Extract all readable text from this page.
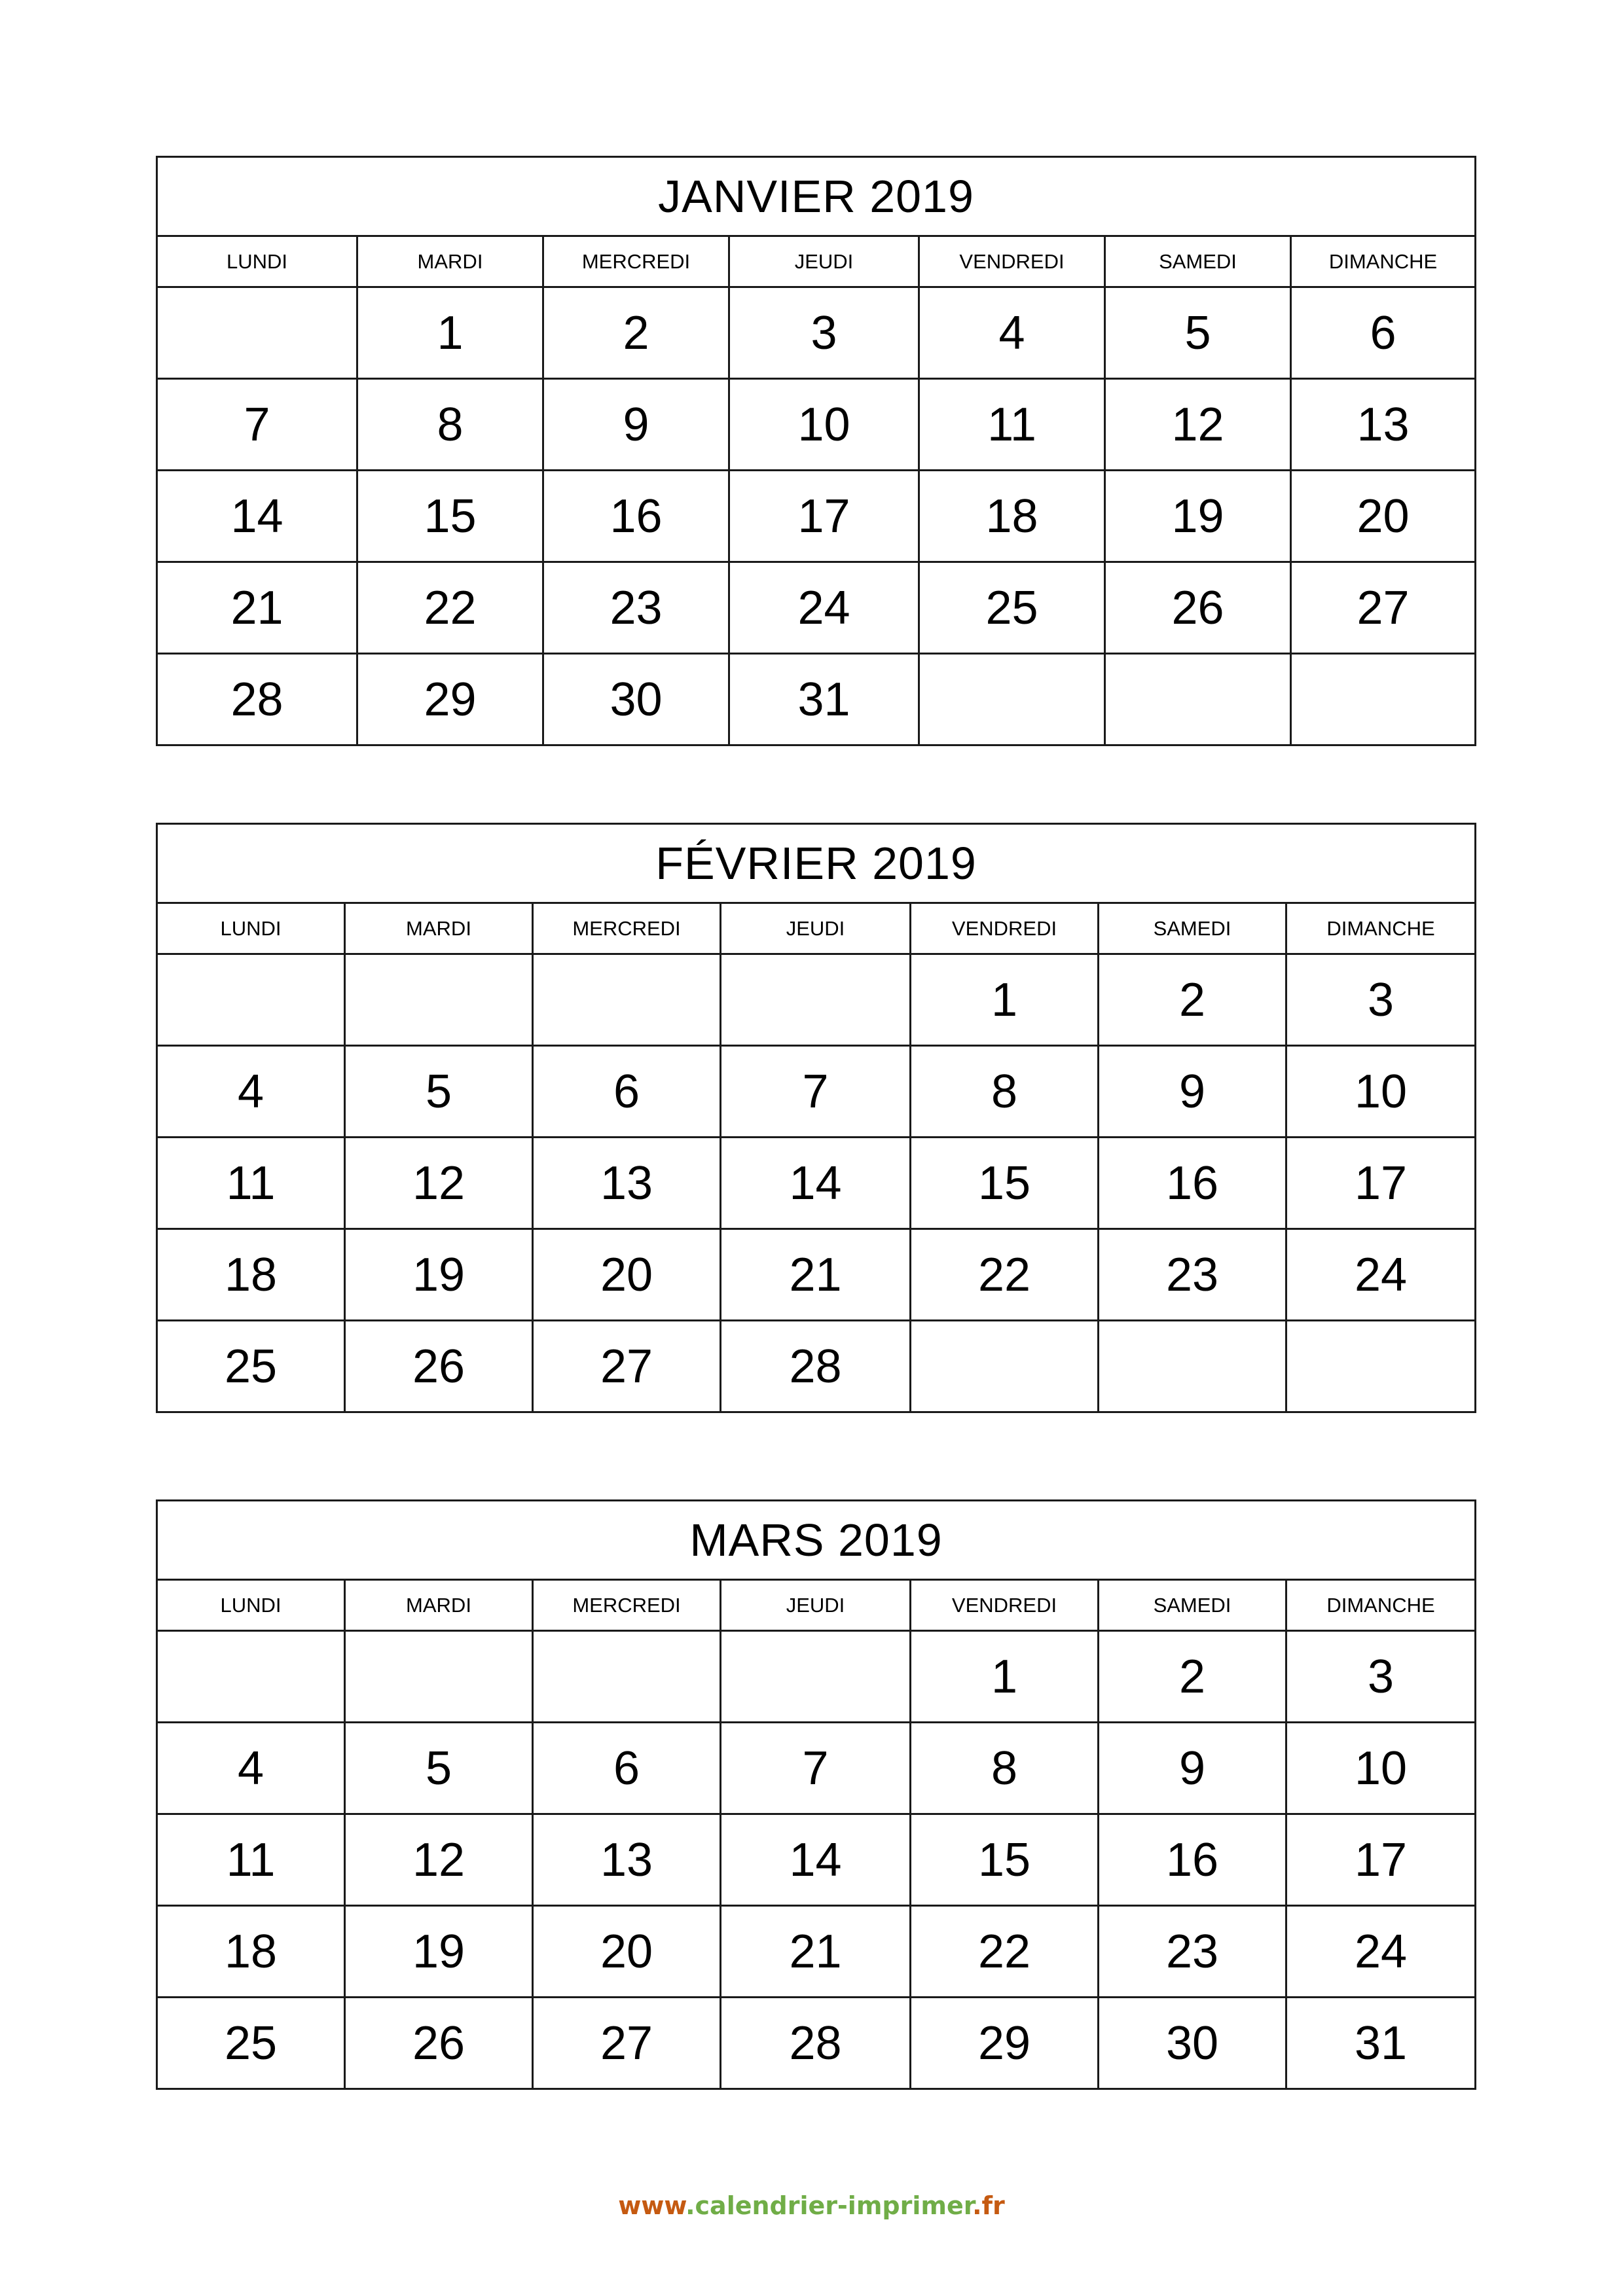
JANVIER 2019						
LUNDI	MARDI	MERCREDI	JEUDI	VENDREDI	SAMEDI	DIMANCHE
	1	2	3	4	5	6
7	8	9	10	11	12	13
14	15	16	17	18	19	20
21	22	23	24	25	26	27
28	29	30	31			
FÉVRIER 2019						
LUNDI	MARDI	MERCREDI	JEUDI	VENDREDI	SAMEDI	DIMANCHE
				1	2	3
4	5	6	7	8	9	10
11	12	13	14	15	16	17
18	19	20	21	22	23	24
25	26	27	28			
MARS 2019						
LUNDI	MARDI	MERCREDI	JEUDI	VENDREDI	SAMEDI	DIMANCHE
				1	2	3
4	5	6	7	8	9	10
11	12	13	14	15	16	17
18	19	20	21	22	23	24
25	26	27	28	29	30	31
www.calendrier-imprimer.fr
